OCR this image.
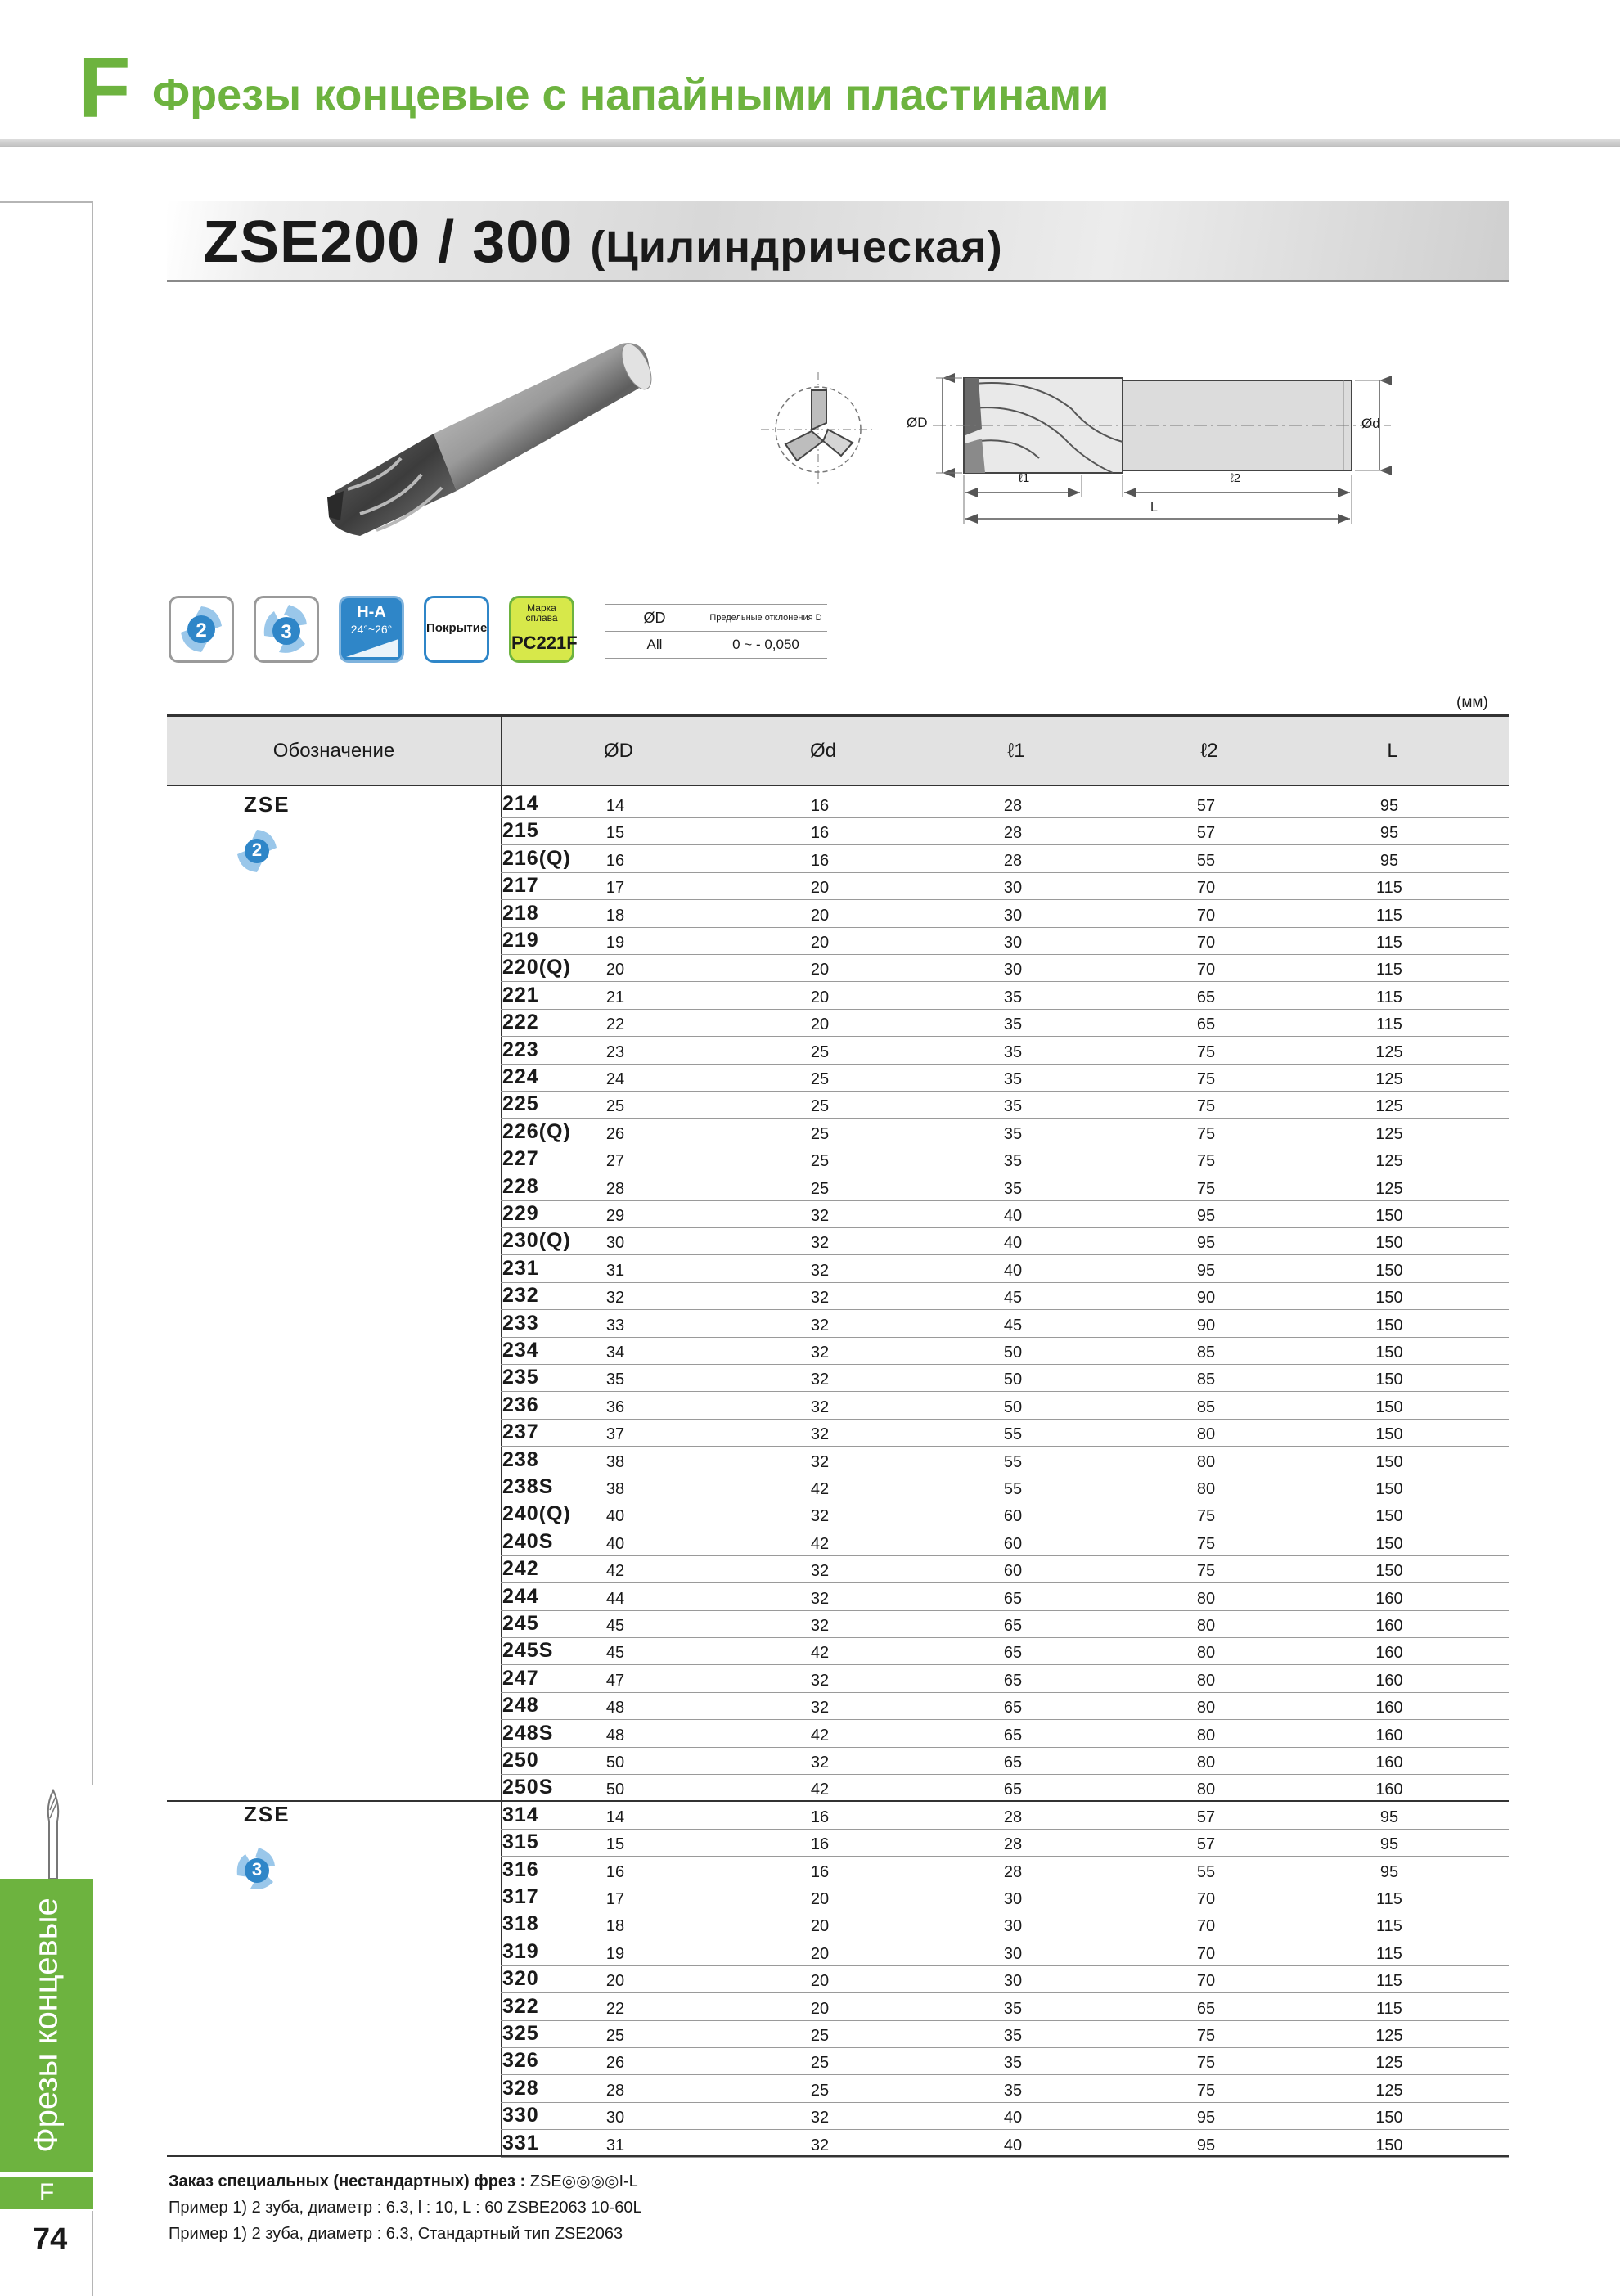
F Фрезы концевые с напайными пластинами
Фрезы концевые
F
74
ZSE200 / 300 (Цилиндрическая)
ØD	Ød
ℓ1	ℓ2
L
2	3
H-A
24°~26°	Покрытие
Марка сплава
PC221F
ØD	Предельные отклонения D
All	0 ~ - 0,050
(мм)
Обозначение	ØD	Ød	ℓ1	ℓ2	L
214	14	16	28	57	95
215	15	16	28	57	95
216(Q)	16	16	28	55	95
217	17	20	30	70	115
218	18	20	30	70	115
219	19	20	30	70	115
220(Q)	20	20	30	70	115
221	21	20	35	65	115
222	22	20	35	65	115
223	23	25	35	75	125
224	24	25	35	75	125
225	25	25	35	75	125
226(Q)	26	25	35	75	125
227	27	25	35	75	125
228	28	25	35	75	125
229	29	32	40	95	150
230(Q)	30	32	40	95	150
231	31	32	40	95	150
232	32	32	45	90	150
233	33	32	45	90	150
234	34	32	50	85	150
235	35	32	50	85	150
236	36	32	50	85	150
237	37	32	55	80	150
238	38	32	55	80	150
238S	38	42	55	80	150
240(Q)	40	32	60	75	150
240S	40	42	60	75	150
242	42	32	60	75	150
244	44	32	65	80	160
245	45	32	65	80	160
245S	45	42	65	80	160
247	47	32	65	80	160
248	48	32	65	80	160
248S	48	42	65	80	160
250	50	32	65	80	160
250S	50	42	65	80	160
314	14	16	28	57	95
315	15	16	28	57	95
316	16	16	28	55	95
317	17	20	30	70	115
318	18	20	30	70	115
319	19	20	30	70	115
320	20	20	30	70	115
322	22	20	35	65	115
325	25	25	35	75	125
326	26	25	35	75	125
328	28	25	35	75	125
330	30	32	40	95	150
331	31	32	40	95	150
ZSE
2
ZSE
3
Заказ специальных (нестандартных) фрез : ZSE◎◎◎◎I-L
Пример 1) 2 зуба, диаметр : 6.3, l : 10, L : 60 ZSBE2063 10-60L
Пример 1) 2 зуба, диаметр : 6.3, Стандартный тип ZSE2063
